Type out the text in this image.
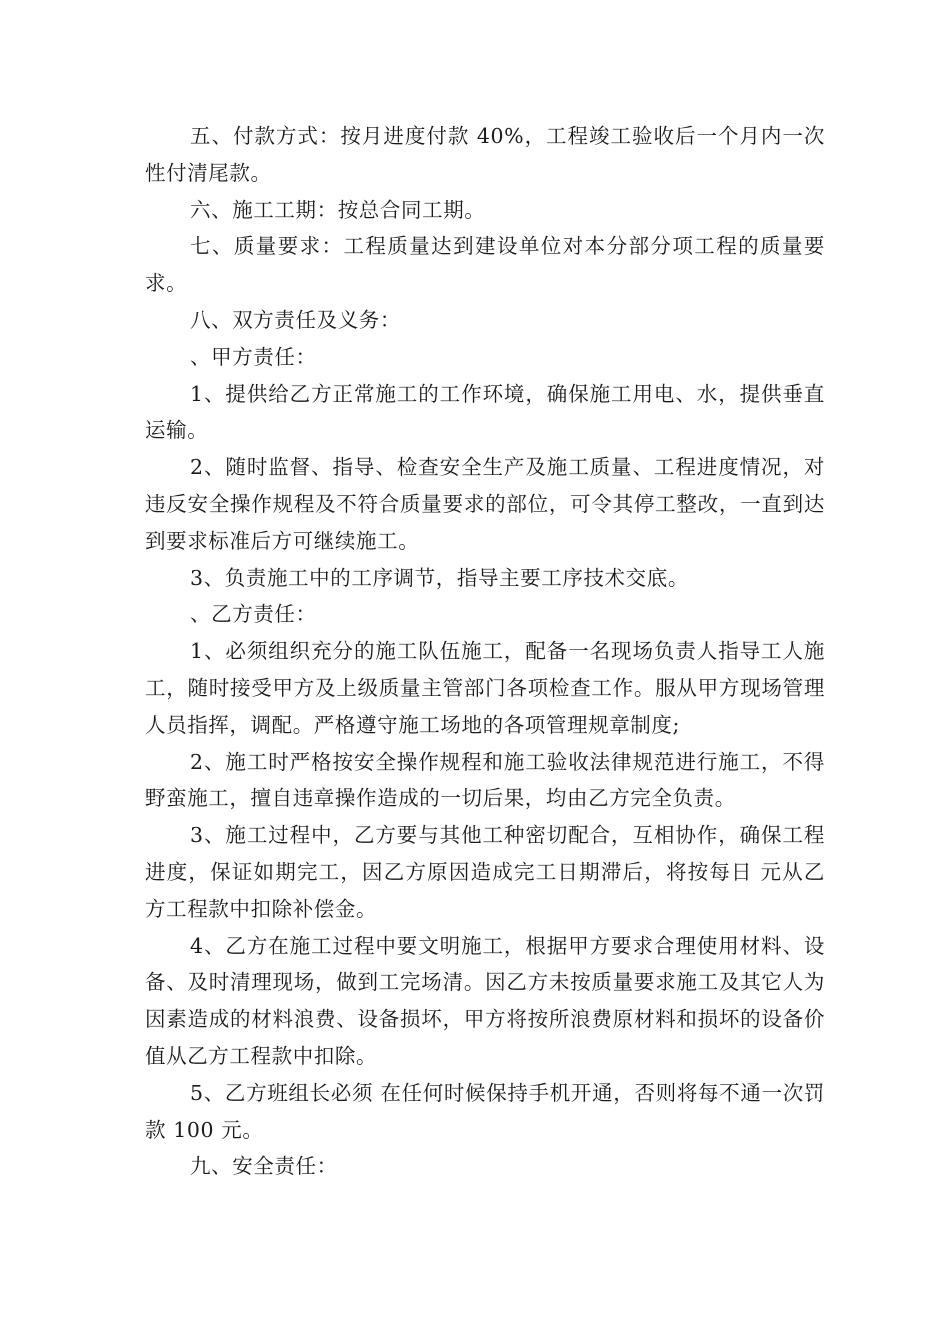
五、付款方式：按月进度付款 40%，工程竣工验收后一个月内一次性付清尾款。

六、施工工期：按总合同工期。

七、质量要求：工程质量达到建设单位对本分部分项工程的质量要求。

八、双方责任及义务：

、甲方责任：

1、提供给乙方正常施工的工作环境，确保施工用电、水，提供垂直运输。

2、随时监督、指导、检查安全生产及施工质量、工程进度情况，对违反安全操作规程及不符合质量要求的部位，可令其停工整改，一直到达到要求标准后方可继续施工。

3、负责施工中的工序调节，指导主要工序技术交底。

、乙方责任：

1、必须组织充分的施工队伍施工，配备一名现场负责人指导工人施工，随时接受甲方及上级质量主管部门各项检查工作。服从甲方现场管理人员指挥，调配。严格遵守施工场地的各项管理规章制度;

2、施工时严格按安全操作规程和施工验收法律规范进行施工，不得野蛮施工，擅自违章操作造成的一切后果，均由乙方完全负责。

3、施工过程中，乙方要与其他工种密切配合，互相协作，确保工程进度，保证如期完工，因乙方原因造成完工日期滞后，将按每日 元从乙方工程款中扣除补偿金。

4、乙方在施工过程中要文明施工，根据甲方要求合理使用材料、设备、及时清理现场，做到工完场清。因乙方未按质量要求施工及其它人为因素造成的材料浪费、设备损坏，甲方将按所浪费原材料和损坏的设备价值从乙方工程款中扣除。

5、乙方班组长必须 在任何时候保持手机开通，否则将每不通一次罚款 100 元。

九、安全责任：
